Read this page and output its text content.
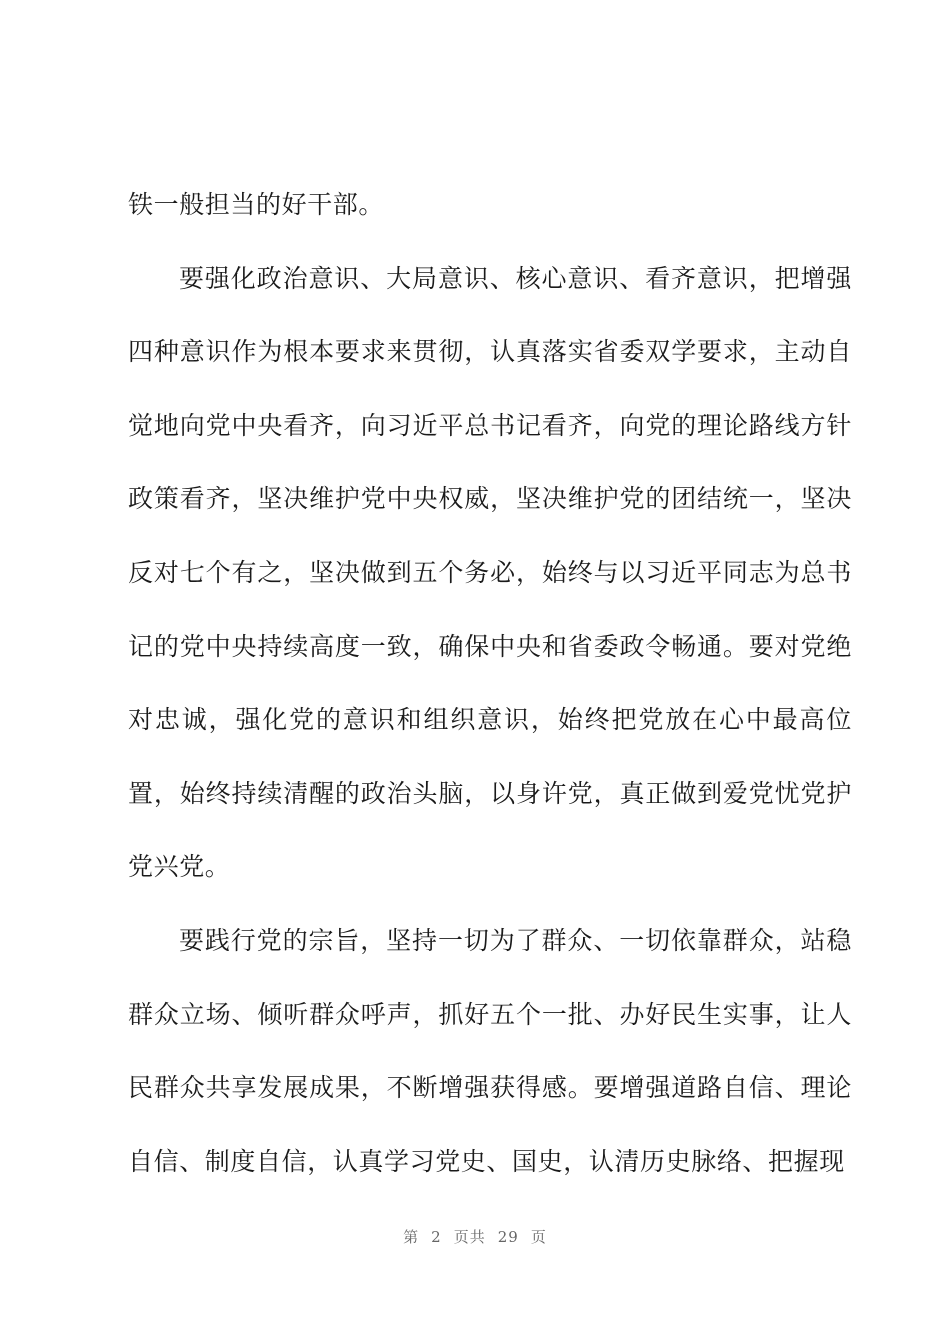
铁一般担当的好干部。

要强化政治意识、大局意识、核心意识、看齐意识，把增强四种意识作为根本要求来贯彻，认真落实省委双学要求，主动自觉地向党中央看齐，向习近平总书记看齐，向党的理论路线方针政策看齐，坚决维护党中央权威，坚决维护党的团结统一，坚决反对七个有之，坚决做到五个务必，始终与以习近平同志为总书记的党中央持续高度一致，确保中央和省委政令畅通。要对党绝对忠诚，强化党的意识和组织意识，始终把党放在心中最高位置，始终持续清醒的政治头脑，以身许党，真正做到爱党忧党护党兴党。

要践行党的宗旨，坚持一切为了群众、一切依靠群众，站稳群众立场、倾听群众呼声，抓好五个一批、办好民生实事，让人民群众共享发展成果，不断增强获得感。要增强道路自信、理论自信、制度自信，认真学习党史、国史，认清历史脉络、把握现

第 2 页共 29 页
